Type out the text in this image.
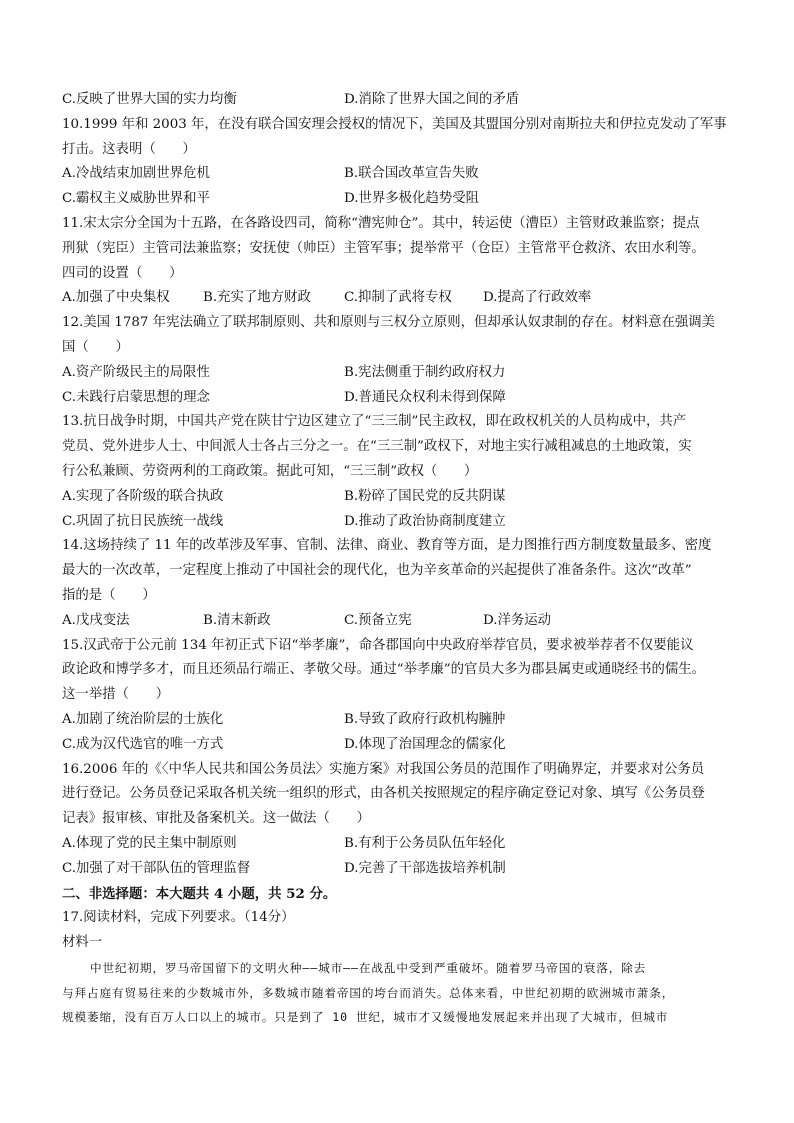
C.反映了世界大国的实力均衡	D.消除了世界大国之间的矛盾
10.1999 年和 2003 年，在没有联合国安理会授权的情况下，美国及其盟国分别对南斯拉夫和伊拉克发动了军事
打击。这表明（　　）
A.冷战结束加剧世界危机	B.联合国改革宣告失败
C.霸权主义威胁世界和平	D.世界多极化趋势受阻
11.宋太宗分全国为十五路，在各路设四司，简称“漕宪帅仓”。其中，转运使（漕臣）主管财政兼监察；提点
刑狱（宪臣）主管司法兼监察；安抚使（帅臣）主管军事；提举常平（仓臣）主管常平仓救济、农田水利等。
四司的设置（　　）
A.加强了中央集权 B.充实了地方财政 C.抑制了武将专权 D.提高了行政效率
12.美国 1787 年宪法确立了联邦制原则、共和原则与三权分立原则，但却承认奴隶制的存在。材料意在强调美
国（　　）
A.资产阶级民主的局限性	B.宪法侧重于制约政府权力
C.未践行启蒙思想的理念	D.普通民众权利未得到保障
13.抗日战争时期，中国共产党在陕甘宁边区建立了“三三制”民主政权，即在政权机关的人员构成中，共产
党员、党外进步人士、中间派人士各占三分之一。在“三三制”政权下，对地主实行减租减息的土地政策，实
行公私兼顾、劳资两利的工商政策。据此可知，“三三制”政权（　　）
A.实现了各阶级的联合执政	B.粉碎了国民党的反共阴谋
C.巩固了抗日民族统一战线	D.推动了政治协商制度建立
14.这场持续了 11 年的改革涉及军事、官制、法律、商业、教育等方面，是力图推行西方制度数量最多、密度
最大的一次改革，一定程度上推动了中国社会的现代化，也为辛亥革命的兴起提供了准备条件。这次“改革”
指的是（　　）
A.戊戌变法	B.清末新政	C.预备立宪	D.洋务运动
15.汉武帝于公元前 134 年初正式下诏“举孝廉”，命各郡国向中央政府举荐官员，要求被举荐者不仅要能议
政论政和博学多才，而且还须品行端正、孝敬父母。通过“举孝廉”的官员大多为郡县属吏或通晓经书的儒生。
这一举措（　　）
A.加剧了统治阶层的士族化	B.导致了政府行政机构臃肿
C.成为汉代选官的唯一方式	D.体现了治国理念的儒家化
16.2006 年的《〈中华人民共和国公务员法〉实施方案》对我国公务员的范围作了明确界定，并要求对公务员
进行登记。公务员登记采取各机关统一组织的形式，由各机关按照规定的程序确定登记对象、填写《公务员登
记表》报审核、审批及备案机关。这一做法（　　）
A.体现了党的民主集中制原则	B.有利于公务员队伍年轻化
C.加强了对干部队伍的管理监督	D.完善了干部选拔培养机制
二、非选择题：本大题共 4 小题，共 52 分。
17.阅读材料，完成下列要求。（14分）
材料一
中世纪初期，罗马帝国留下的文明火种——城市——在战乱中受到严重破坏。随着罗马帝国的衰落，除去
与拜占庭有贸易往来的少数城市外，多数城市随着帝国的垮台而消失。总体来看，中世纪初期的欧洲城市萧条，
规模萎缩，没有百万人口以上的城市。只是到了 10 世纪，城市才又缓慢地发展起来并出现了大城市，但城市
